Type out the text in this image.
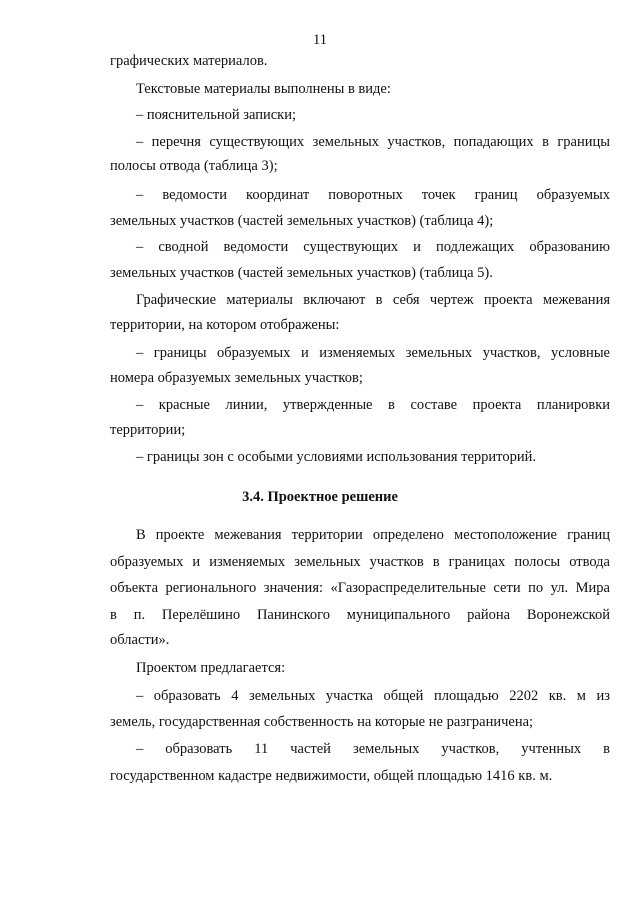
11
графических материалов.
Текстовые материалы выполнены в виде:
– пояснительной записки;
– перечня существующих земельных участков, попадающих в границы
полосы отвода (таблица 3);
– ведомости координат поворотных точек границ образуемых
земельных участков (частей земельных участков) (таблица 4);
– сводной ведомости существующих и подлежащих образованию
земельных участков (частей земельных участков) (таблица 5).
Графические материалы включают в себя чертеж проекта межевания
территории, на котором отображены:
– границы образуемых и изменяемых земельных участков, условные
номера образуемых земельных участков;
– красные линии, утвержденные в составе проекта планировки
территории;
– границы зон с особыми условиями использования территорий.
3.4. Проектное решение
В проекте межевания территории определено местоположение границ
образуемых и изменяемых земельных участков в границах полосы отвода
объекта регионального значения: «Газораспределительные сети по ул. Мира
в п. Перелёшино Панинского муниципального района Воронежской
области».
Проектом предлагается:
– образовать 4 земельных участка общей площадью 2202 кв. м из
земель, государственная собственность на которые не разграничена;
– образовать 11 частей земельных участков, учтенных в
государственном кадастре недвижимости, общей площадью 1416 кв. м.
